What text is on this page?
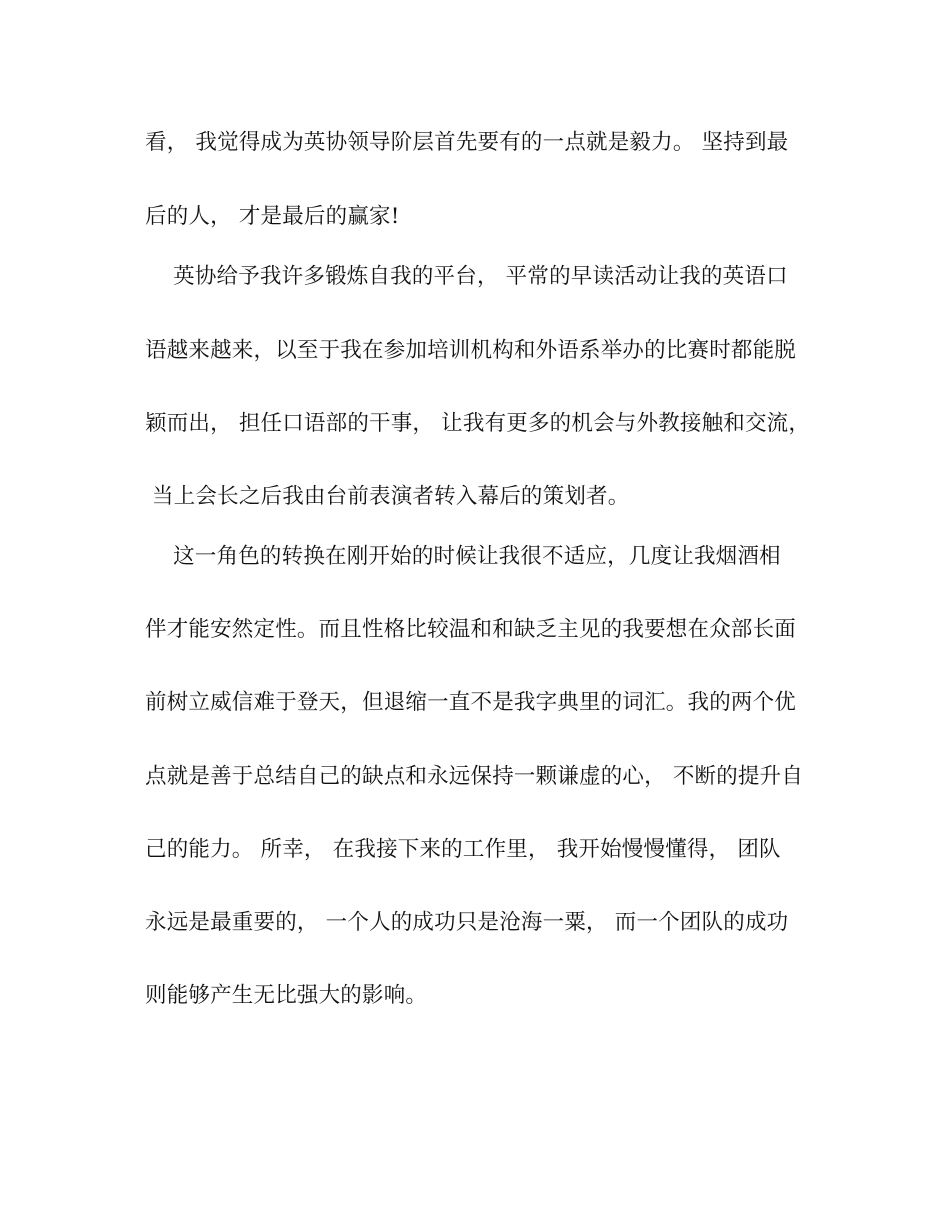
看， 我觉得成为英协领导阶层首先要有的一点就是毅力。 坚持到最
后的人， 才是最后的赢家!
英协给予我许多锻炼自我的平台， 平常的早读活动让我的英语口
语越来越来，以至于我在参加培训机构和外语系举办的比赛时都能脱
颖而出， 担任口语部的干事， 让我有更多的机会与外教接触和交流，
当上会长之后我由台前表演者转入幕后的策划者。
这一角色的转换在刚开始的时候让我很不适应，几度让我烟酒相
伴才能安然定性。而且性格比较温和和缺乏主见的我要想在众部长面
前树立威信难于登天，但退缩一直不是我字典里的词汇。我的两个优
点就是善于总结自己的缺点和永远保持一颗谦虚的心， 不断的提升自
己的能力。 所幸， 在我接下来的工作里， 我开始慢慢懂得， 团队
永远是最重要的， 一个人的成功只是沧海一粟， 而一个团队的成功
则能够产生无比强大的影响。
